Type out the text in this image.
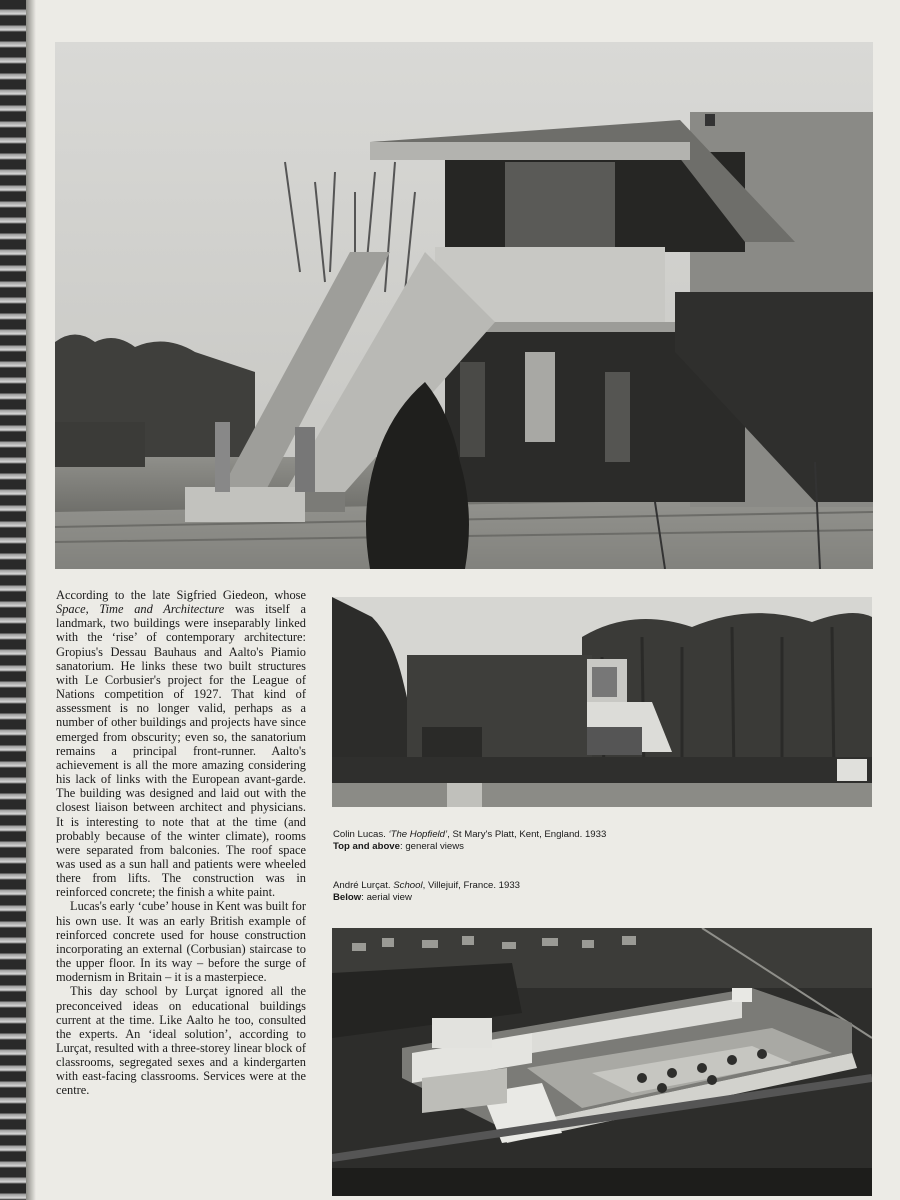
According to the late Sigfried Giedeon, whose Space, Time and Architecture was itself a landmark, two buildings were inseparably linked with the ‘rise’ of contemporary architecture: Gropius's Dessau Bauhaus and Aalto's Piamio sanatorium. He links these two built structures with Le Corbusier's project for the League of Nations competition of 1927. That kind of assessment is no longer valid, perhaps as a number of other buildings and projects have since emerged from obscurity; even so, the sanatorium remains a principal front-runner. Aalto's achievement is all the more amazing considering his lack of links with the European avant-garde. The building was designed and laid out with the closest liaison between architect and physicians. It is interesting to note that at the time (and probably because of the winter climate), rooms were separated from balconies. The roof space was used as a sun hall and patients were wheeled there from lifts. The construction was in reinforced concrete; the finish a white paint.

Lucas's early ‘cube’ house in Kent was built for his own use. It was an early British example of reinforced concrete used for house construction incorporating an external (Corbusian) staircase to the upper floor. In its way – before the surge of modernism in Britain – it is a masterpiece.

This day school by Lurçat ignored all the preconceived ideas on educational buildings current at the time. Like Aalto he too, consulted the experts. An ‘ideal solution’, according to Lurçat, resulted with a three-storey linear block of classrooms, segregated sexes and a kindergarten with east-facing classrooms. Services were at the centre.

Colin Lucas. ‘The Hopfield’, St Mary's Platt, Kent, England. 1933
Top and above: general views
André Lurçat. School, Villejuif, France. 1933
Below: aerial view
